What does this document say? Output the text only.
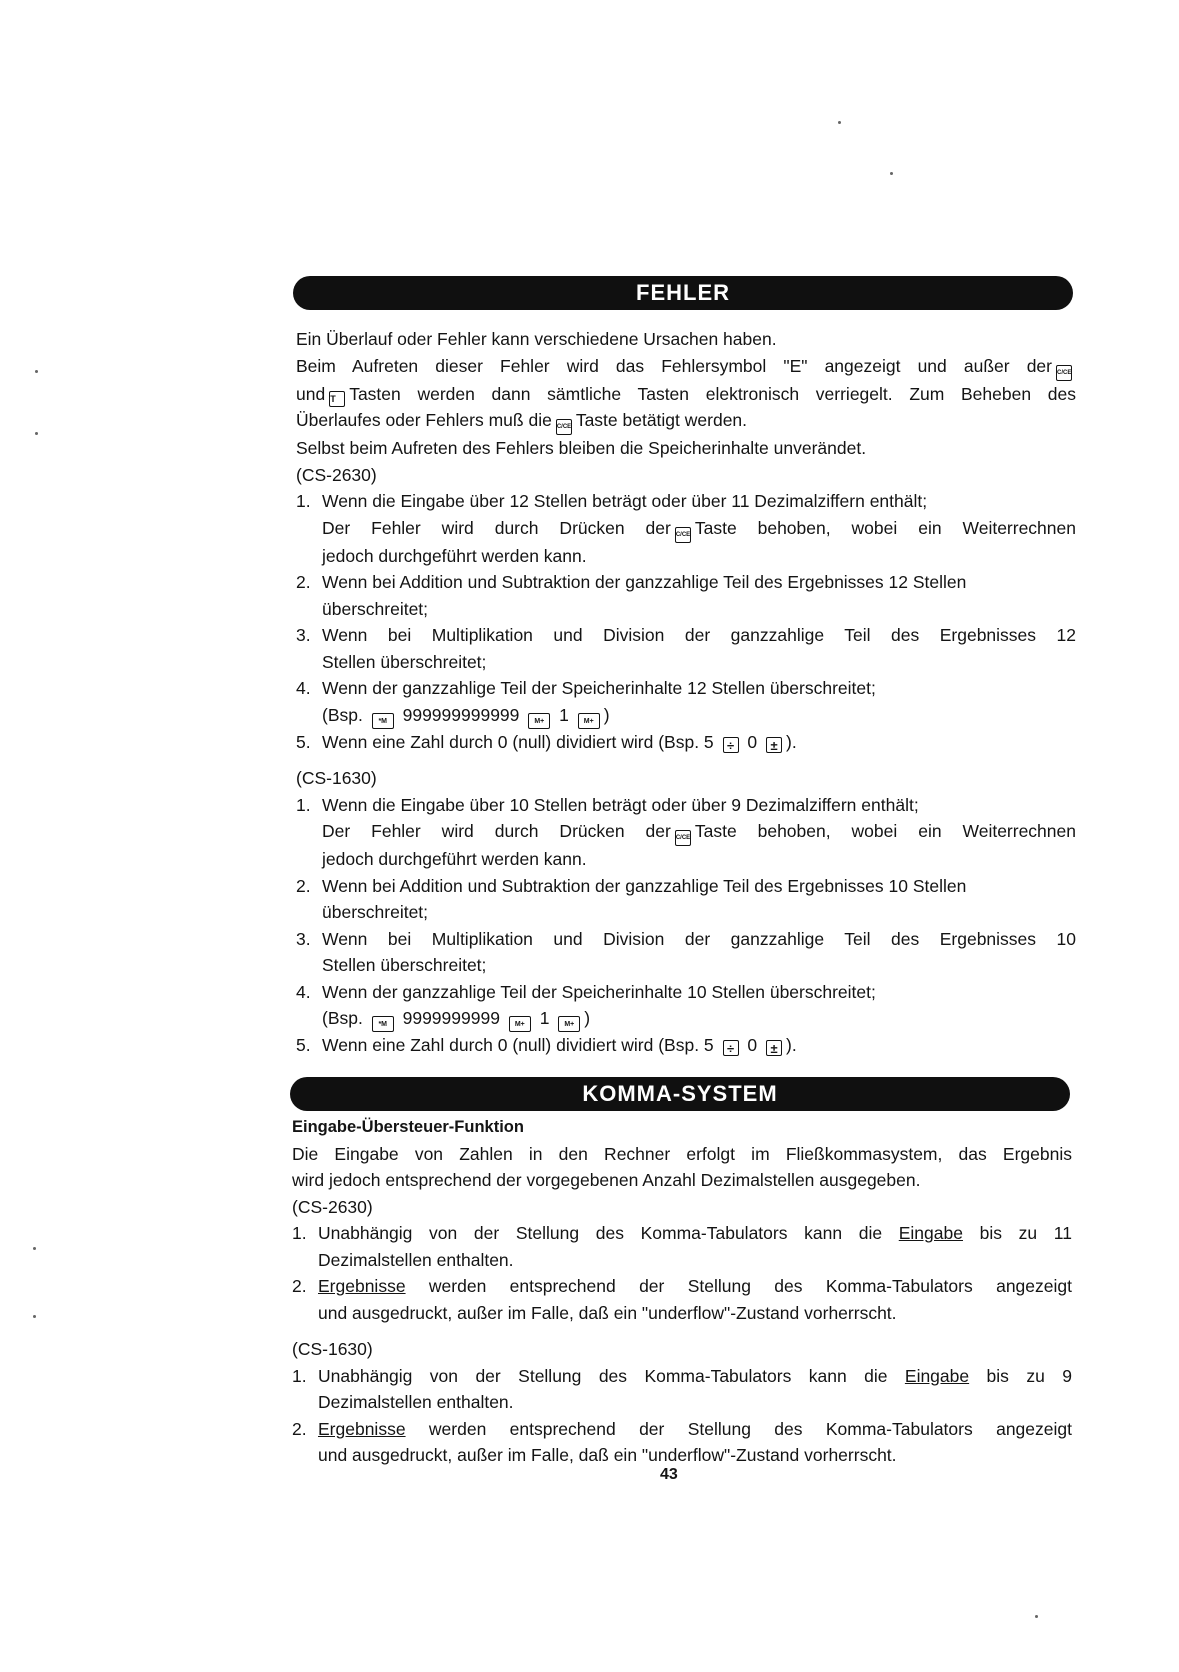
FEHLER
Ein Überlauf oder Fehler kann verschiedene Ursachen haben.
Beim Aufreten dieser Fehler wird das Fehlersymbol "E" angezeigt und außer der C/CE
und T Tasten werden dann sämtliche Tasten elektronisch verriegelt. Zum Beheben des
Überlaufes oder Fehlers muß die C/CE Taste betätigt werden.
Selbst beim Aufreten des Fehlers bleiben die Speicherinhalte unverändet.
(CS-2630)
1. Wenn die Eingabe über 12 Stellen beträgt oder über 11 Dezimalziffern enthält;
Der Fehler wird durch Drücken der C/CE Taste behoben, wobei ein Weiterrechnen
jedoch durchgeführt werden kann.
2. Wenn bei Addition und Subtraktion der ganzzahlige Teil des Ergebnisses 12 Stellen
überschreitet;
3. Wenn bei Multiplikation und Division der ganzzahlige Teil des Ergebnisses 12
Stellen überschreitet;
4. Wenn der ganzzahlige Teil der Speicherinhalte 12 Stellen überschreitet;
(Bsp. *M 999999999999 M+ 1 M+ )
5. Wenn eine Zahl durch 0 (null) dividiert wird (Bsp. 5 ÷ 0 ± ).
(CS-1630)
1. Wenn die Eingabe über 10 Stellen beträgt oder über 9 Dezimalziffern enthält;
Der Fehler wird durch Drücken der C/CE Taste behoben, wobei ein Weiterrechnen
jedoch durchgeführt werden kann.
2. Wenn bei Addition und Subtraktion der ganzzahlige Teil des Ergebnisses 10 Stellen
überschreitet;
3. Wenn bei Multiplikation und Division der ganzzahlige Teil des Ergebnisses 10
Stellen überschreitet;
4. Wenn der ganzzahlige Teil der Speicherinhalte 10 Stellen überschreitet;
(Bsp. *M 9999999999 M+ 1 M+ )
5. Wenn eine Zahl durch 0 (null) dividiert wird (Bsp. 5 ÷ 0 ± ).
KOMMA-SYSTEM
Eingabe-Übersteuer-Funktion
Die Eingabe von Zahlen in den Rechner erfolgt im Fließkommasystem, das Ergebnis
wird jedoch entsprechend der vorgegebenen Anzahl Dezimalstellen ausgegeben.
(CS-2630)
1. Unabhängig von der Stellung des Komma-Tabulators kann die Eingabe bis zu 11
Dezimalstellen enthalten.
2. Ergebnisse werden entsprechend der Stellung des Komma-Tabulators angezeigt
und ausgedruckt, außer im Falle, daß ein "underflow"-Zustand vorherrscht.
(CS-1630)
1. Unabhängig von der Stellung des Komma-Tabulators kann die Eingabe bis zu 9
Dezimalstellen enthalten.
2. Ergebnisse werden entsprechend der Stellung des Komma-Tabulators angezeigt
und ausgedruckt, außer im Falle, daß ein "underflow"-Zustand vorherrscht.
43
